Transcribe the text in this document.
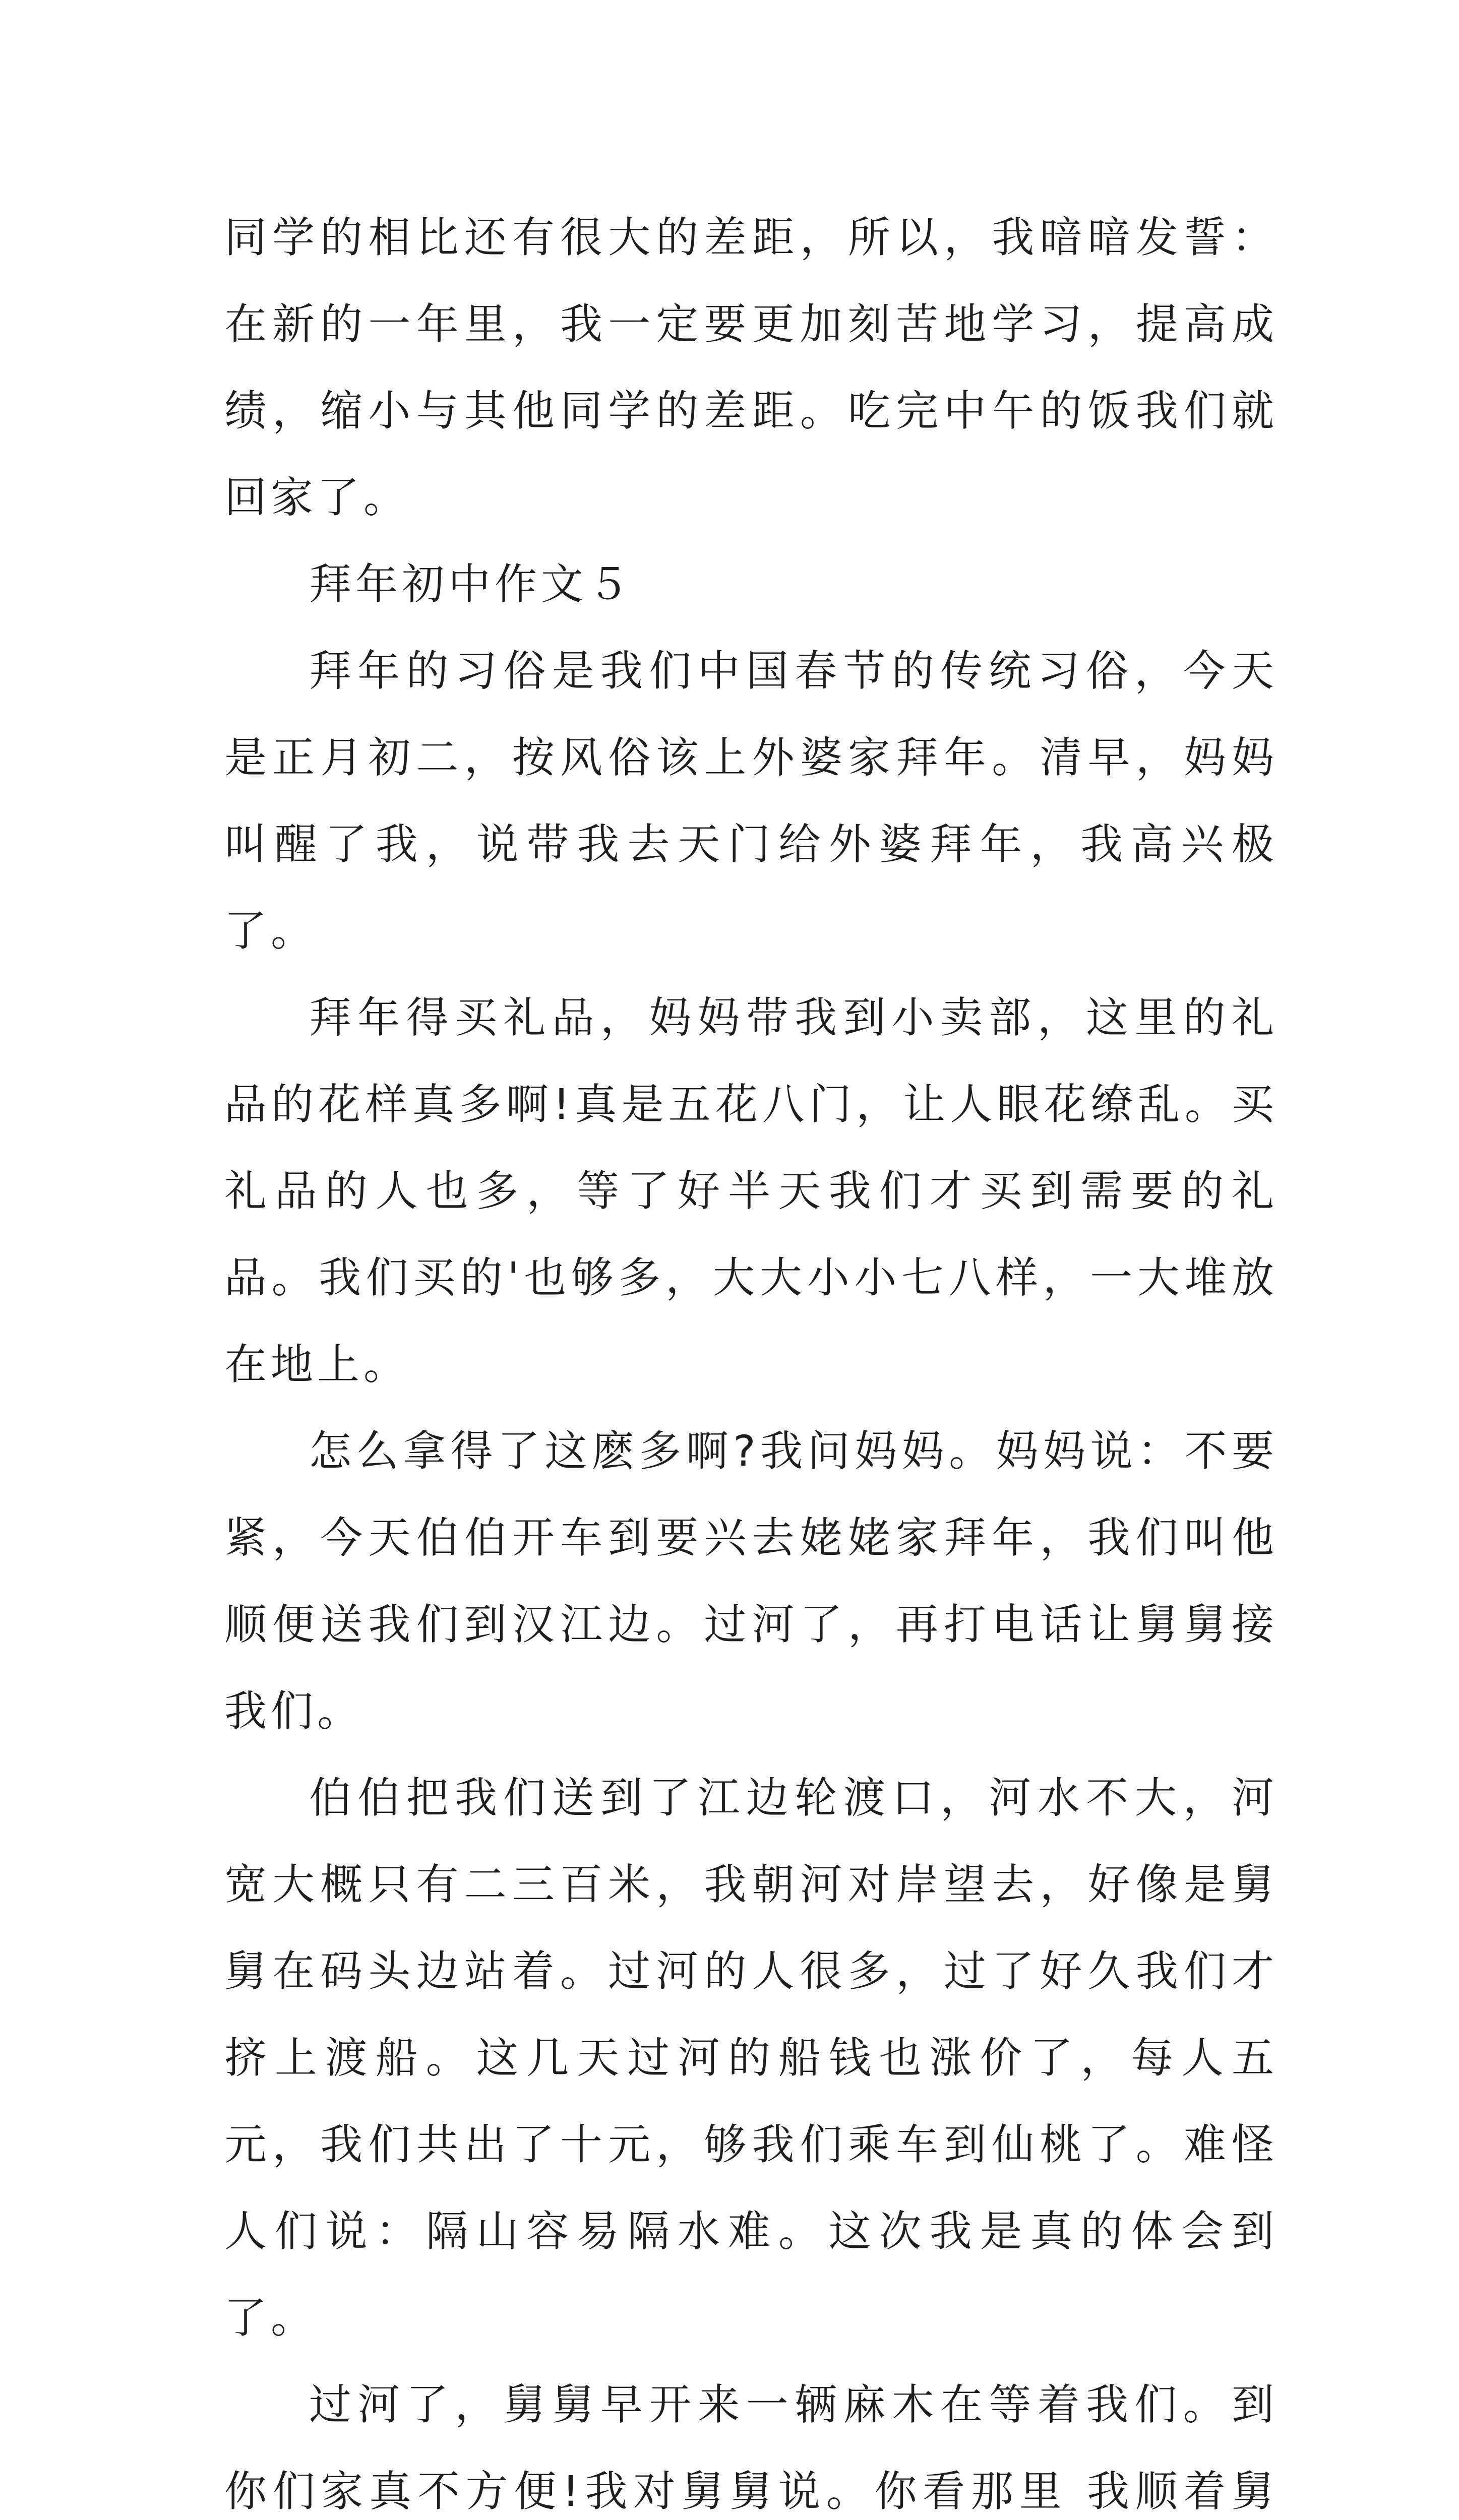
同学的相比还有很大的差距，所以，我暗暗发誓：在新的一年里，我一定要更加刻苦地学习，提高成绩，缩小与其他同学的差距。吃完中午的饭我们就回家了。

拜年初中作文５

拜年的习俗是我们中国春节的传统习俗，今天是正月初二，按风俗该上外婆家拜年。清早，妈妈叫醒了我，说带我去天门给外婆拜年，我高兴极了。

拜年得买礼品，妈妈带我到小卖部，这里的礼品的花样真多啊!真是五花八门，让人眼花缭乱。买礼品的人也多，等了好半天我们才买到需要的礼品。我们买的'也够多，大大小小七八样，一大堆放在地上。

怎么拿得了这麽多啊?我问妈妈。妈妈说：不要紧，今天伯伯开车到要兴去姥姥家拜年，我们叫他顺便送我们到汉江边。过河了，再打电话让舅舅接我们。

伯伯把我们送到了江边轮渡口，河水不大，河宽大概只有二三百米，我朝河对岸望去，好像是舅舅在码头边站着。过河的人很多，过了好久我们才挤上渡船。这几天过河的船钱也涨价了，每人五元，我们共出了十元，够我们乘车到仙桃了。难怪人们说：隔山容易隔水难。这次我是真的体会到了。

过河了，舅舅早开来一辆麻木在等着我们。到你们家真不方便!我对舅舅说。你看那里 我顺着舅
